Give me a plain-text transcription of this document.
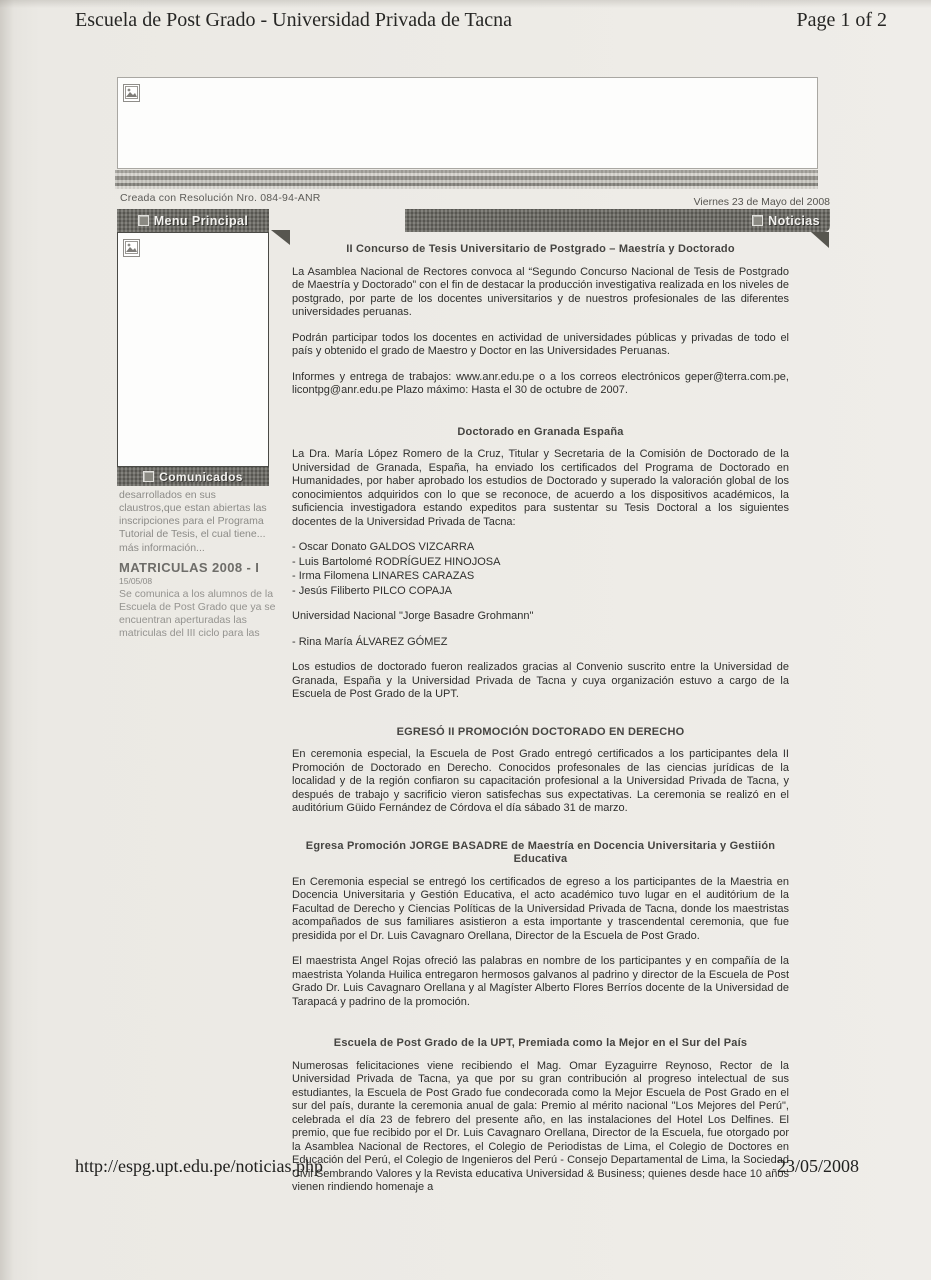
Escuela de Post Grado - Universidad Privada de Tacna	Page 1 of 2
Creada con Resolución Nro. 084-94-ANR	Viernes 23 de Mayo del 2008
Menu Principal	Noticias
Comunicados
desarrollados en sus claustros,que estan abiertas las inscripciones para el Programa Tutorial de Tesis, el cual tiene...
más información...
MATRICULAS 2008 - I
15/05/08
Se comunica a los alumnos de la Escuela de Post Grado que ya se encuentran aperturadas las matriculas del III ciclo para las
II Concurso de Tesis Universitario de Postgrado – Maestría y Doctorado
La Asamblea Nacional de Rectores convoca al “Segundo Concurso Nacional de Tesis de Postgrado de Maestría y Doctorado” con el fin de destacar la producción investigativa realizada en los niveles de postgrado, por parte de los docentes universitarios y de nuestros profesionales de las diferentes universidades peruanas.
Podrán participar todos los docentes en actividad de universidades públicas y privadas de todo el país y obtenido el grado de Maestro y Doctor en las Universidades Peruanas.
Informes y entrega de trabajos: www.anr.edu.pe o a los correos electrónicos geper@terra.com.pe, licontpg@anr.edu.pe Plazo máximo: Hasta el 30 de octubre de 2007.
Doctorado en Granada España
La Dra. María López Romero de la Cruz, Titular y Secretaria de la Comisión de Doctorado de la Universidad de Granada, España, ha enviado los certificados del Programa de Doctorado en Humanidades, por haber aprobado los estudios de Doctorado y superado la valoración global de los conocimientos adquiridos con lo que se reconoce, de acuerdo a los dispositivos académicos, la suficiencia investigadora estando expeditos para sustentar su Tesis Doctoral a los siguientes docentes de la Universidad Privada de Tacna:
- Oscar Donato GALDOS VIZCARRA
- Luis Bartolomé RODRÍGUEZ HINOJOSA
- Irma Filomena LINARES CARAZAS
- Jesús Filiberto PILCO COPAJA
Universidad Nacional "Jorge Basadre Grohmann"
- Rina María ÁLVAREZ GÓMEZ
Los estudios de doctorado fueron realizados gracias al Convenio suscrito entre la Universidad de Granada, España y la Universidad Privada de Tacna y cuya organización estuvo a cargo de la Escuela de Post Grado de la UPT.
EGRESÓ II PROMOCIÓN DOCTORADO EN DERECHO
En ceremonia especial, la Escuela de Post Grado entregó certificados a los participantes dela II Promoción de Doctorado en Derecho. Conocidos profesonales de las ciencias jurídicas de la localidad y de la región confiaron su capacitación profesional a la Universidad Privada de Tacna, y después de trabajo y sacrificio vieron satisfechas sus expectativas. La ceremonia se realizó en el auditórium Güido Fernández de Córdova el día sábado 31 de marzo.
Egresa Promoción JORGE BASADRE de Maestría en Docencia Universitaria y Gestiión Educativa
En Ceremonia especial se entregó los certificados de egreso a los participantes de la Maestria en Docencia Universitaria y Gestión Educativa, el acto académico tuvo lugar en el auditórium de la Facultad de Derecho y Ciencias Políticas de la Universidad Privada de Tacna, donde los maestristas acompañados de sus familiares asistieron a esta importante y trascendental ceremonia, que fue presidida por el Dr. Luis Cavagnaro Orellana, Director de la Escuela de Post Grado.
El maestrista Angel Rojas ofreció las palabras en nombre de los participantes y en compañía de la maestrista Yolanda Huilica entregaron hermosos galvanos al padrino y director de la Escuela de Post Grado Dr. Luis Cavagnaro Orellana y al Magíster Alberto Flores Berríos docente de la Universidad de Tarapacá y padrino de la promoción.
Escuela de Post Grado de la UPT, Premiada como la Mejor en el Sur del País
Numerosas felicitaciones viene recibiendo el Mag. Omar Eyzaguirre Reynoso, Rector de la Universidad Privada de Tacna, ya que por su gran contribución al progreso intelectual de sus estudiantes, la Escuela de Post Grado fue condecorada como la Mejor Escuela de Post Grado en el sur del país, durante la ceremonia anual de gala: Premio al mérito nacional "Los Mejores del Perú", celebrada el día 23 de febrero del presente año, en las instalaciones del Hotel Los Delfines. El premio, que fue recibido por el Dr. Luis Cavagnaro Orellana, Director de la Escuela, fue otorgado por la Asamblea Nacional de Rectores, el Colegio de Periodistas de Lima, el Colegio de Doctores en Educación del Perú, el Colegio de Ingenieros del Perú - Consejo Departamental de Lima, la Sociedad Civil Sembrando Valores y la Revista educativa Universidad & Business; quienes desde hace 10 años vienen rindiendo homenaje a
http://espg.upt.edu.pe/noticias.php	23/05/2008
